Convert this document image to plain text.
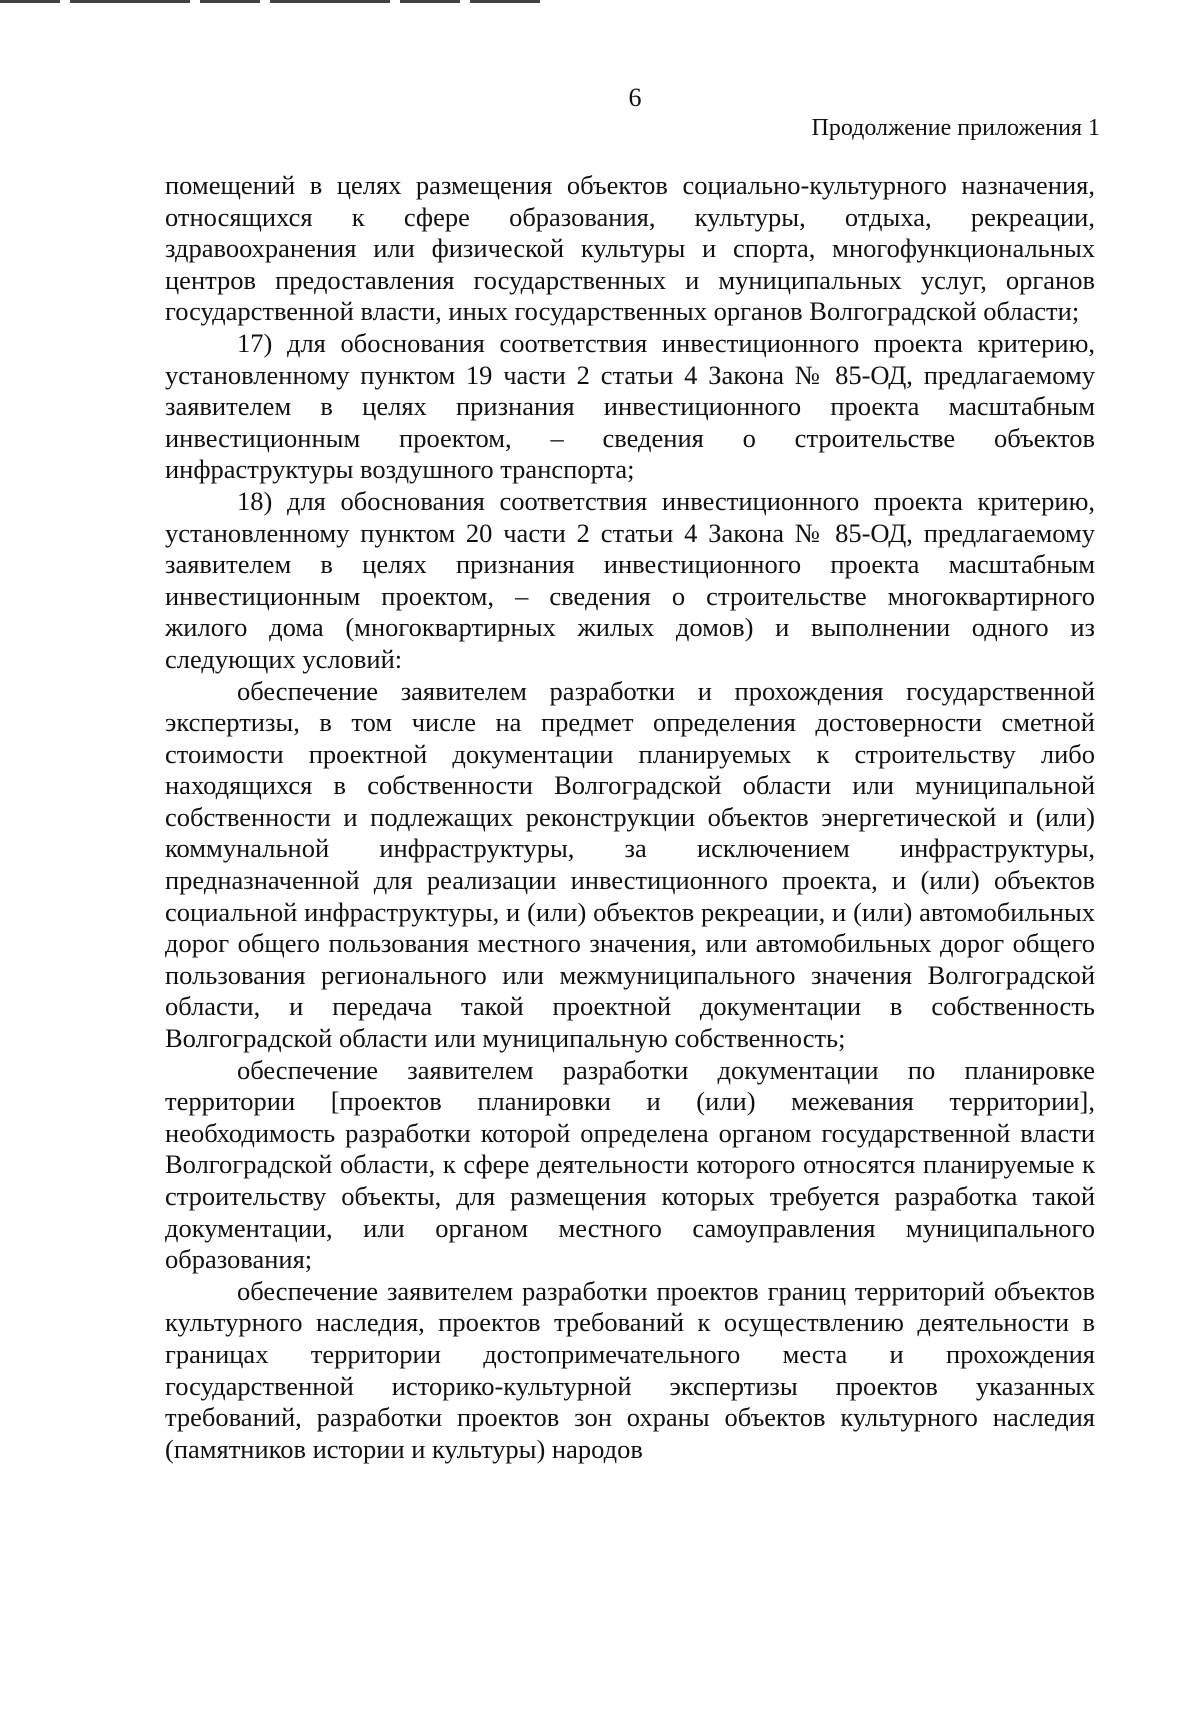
6
Продолжение приложения 1

помещений в целях размещения объектов социально-культурного назначения, относящихся к сфере образования, культуры, отдыха, рекреации, здравоохранения или физической культуры и спорта, многофункциональных центров предоставления государственных и муниципальных услуг, органов государственной власти, иных государственных органов Волгоградской области;

17) для обоснования соответствия инвестиционного проекта критерию, установленному пунктом 19 части 2 статьи 4 Закона № 85-ОД, предлагаемому заявителем в целях признания инвестиционного проекта масштабным инвестиционным проектом, – сведения о строительстве объектов инфраструктуры воздушного транспорта;

18) для обоснования соответствия инвестиционного проекта критерию, установленному пунктом 20 части 2 статьи 4 Закона № 85-ОД, предлагаемому заявителем в целях признания инвестиционного проекта масштабным инвестиционным проектом, – сведения о строительстве многоквартирного жилого дома (многоквартирных жилых домов) и выполнении одного из следующих условий:

обеспечение заявителем разработки и прохождения государственной экспертизы, в том числе на предмет определения достоверности сметной стоимости проектной документации планируемых к строительству либо находящихся в собственности Волгоградской области или муниципальной собственности и подлежащих реконструкции объектов энергетической и (или) коммунальной инфраструктуры, за исключением инфраструктуры, предназначенной для реализации инвестиционного проекта, и (или) объектов социальной инфраструктуры, и (или) объектов рекреации, и (или) автомобильных дорог общего пользования местного значения, или автомобильных дорог общего пользования регионального или межмуниципального значения Волгоградской области, и передача такой проектной документации в собственность Волгоградской области или муниципальную собственность;

обеспечение заявителем разработки документации по планировке территории [проектов планировки и (или) межевания территории], необходимость разработки которой определена органом государственной власти Волгоградской области, к сфере деятельности которого относятся планируемые к строительству объекты, для размещения которых требуется разработка такой документации, или органом местного самоуправления муниципального образования;

обеспечение заявителем разработки проектов границ территорий объектов культурного наследия, проектов требований к осуществлению деятельности в границах территории достопримечательного места и прохождения государственной историко-культурной экспертизы проектов указанных требований, разработки проектов зон охраны объектов культурного наследия (памятников истории и культуры) народов
